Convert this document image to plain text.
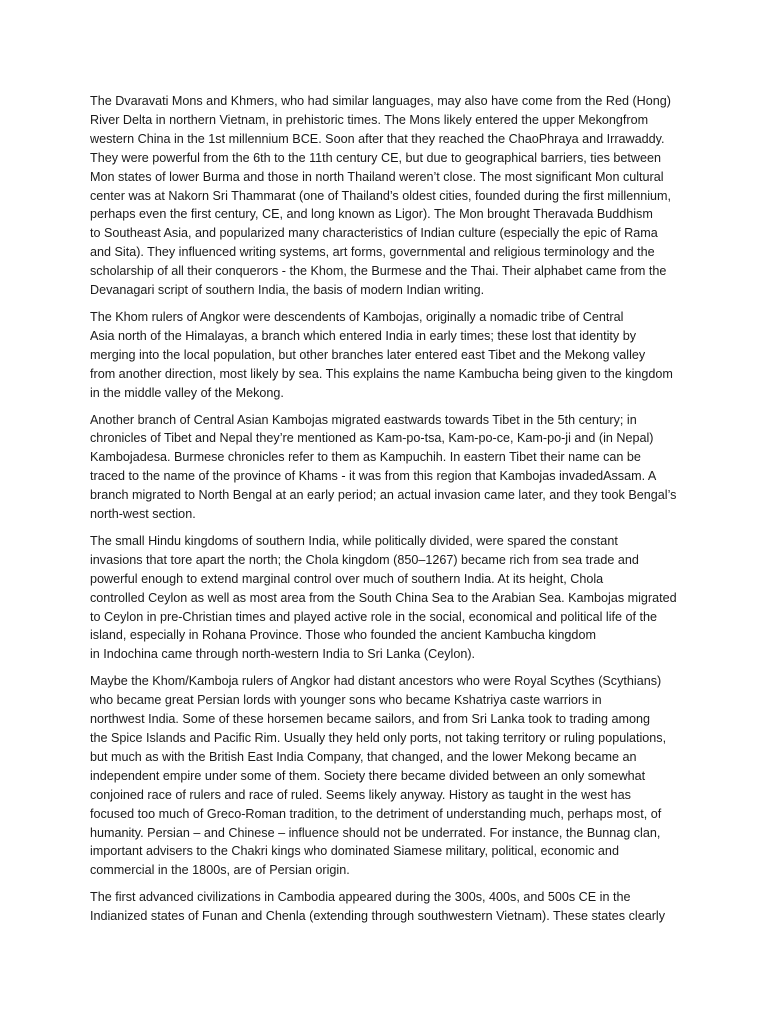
The Dvaravati Mons and Khmers, who had similar languages, may also have come from the Red (Hong)
River Delta in northern Vietnam, in prehistoric times. The Mons likely entered the upper Mekongfrom
western China in the 1st millennium BCE. Soon after that they reached the ChaoPhraya and Irrawaddy.
They were powerful from the 6th to the 11th century CE, but due to geographical barriers, ties between
Mon states of lower Burma and those in north Thailand weren’t close. The most significant Mon cultural
center was at Nakorn Sri Thammarat (one of Thailand’s oldest cities, founded during the first millennium,
perhaps even the first century, CE, and long known as Ligor). The Mon brought Theravada Buddhism
to Southeast Asia, and popularized many characteristics of Indian culture (especially the epic of Rama
and Sita). They influenced writing systems, art forms, governmental and religious terminology and the
scholarship of all their conquerors - the Khom, the Burmese and the Thai. Their alphabet came from the
Devanagari script of southern India, the basis of modern Indian writing.

The Khom rulers of Angkor were descendents of Kambojas, originally a nomadic tribe of Central
Asia north of the Himalayas, a branch which entered India in early times; these lost that identity by
merging into the local population, but other branches later entered east Tibet and the Mekong valley
from another direction, most likely by sea. This explains the name Kambucha being given to the kingdom
in the middle valley of the Mekong.

Another branch of Central Asian Kambojas migrated eastwards towards Tibet in the 5th century; in
chronicles of Tibet and Nepal they’re mentioned as Kam-po-tsa, Kam-po-ce, Kam-po-ji and (in Nepal)
Kambojadesa. Burmese chronicles refer to them as Kampuchih. In eastern Tibet their name can be
traced to the name of the province of Khams - it was from this region that Kambojas invadedAssam. A
branch migrated to North Bengal at an early period; an actual invasion came later, and they took Bengal’s
north-west section.

The small Hindu kingdoms of southern India, while politically divided, were spared the constant
invasions that tore apart the north; the Chola kingdom (850–1267) became rich from sea trade and
powerful enough to extend marginal control over much of southern India. At its height, Chola
controlled Ceylon as well as most area from the South China Sea to the Arabian Sea. Kambojas migrated
to Ceylon in pre-Christian times and played active role in the social, economical and political life of the
island, especially in Rohana Province. Those who founded the ancient Kambucha kingdom
in Indochina came through north-western India to Sri Lanka (Ceylon).

Maybe the Khom/Kamboja rulers of Angkor had distant ancestors who were Royal Scythes (Scythians)
who became great Persian lords with younger sons who became Kshatriya caste warriors in
northwest India. Some of these horsemen became sailors, and from Sri Lanka took to trading among
the Spice Islands and Pacific Rim. Usually they held only ports, not taking territory or ruling populations,
but much as with the British East India Company, that changed, and the lower Mekong became an
independent empire under some of them. Society there became divided between an only somewhat
conjoined race of rulers and race of ruled. Seems likely anyway. History as taught in the west has
focused too much of Greco-Roman tradition, to the detriment of understanding much, perhaps most, of
humanity. Persian – and Chinese – influence should not be underrated. For instance, the Bunnag clan,
important advisers to the Chakri kings who dominated Siamese military, political, economic and
commercial in the 1800s, are of Persian origin.

The first advanced civilizations in Cambodia appeared during the 300s, 400s, and 500s CE in the
Indianized states of Funan and Chenla (extending through southwestern Vietnam). These states clearly
